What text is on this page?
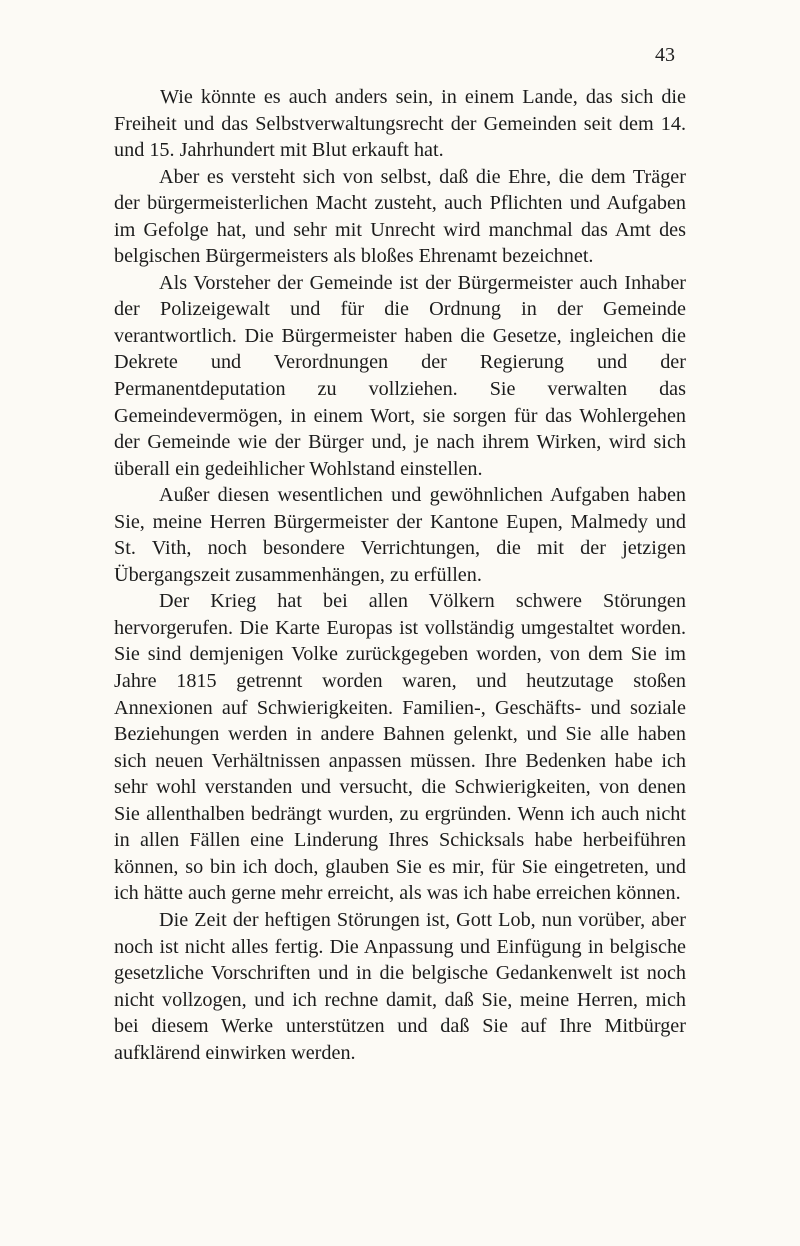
43

Wie könnte es auch anders sein, in einem Lande, das sich die Freiheit und das Selbstverwaltungsrecht der Gemeinden seit dem 14. und 15. Jahrhundert mit Blut erkauft hat.

Aber es versteht sich von selbst, daß die Ehre, die dem Träger der bürgermeisterlichen Macht zusteht, auch Pflichten und Aufgaben im Gefolge hat, und sehr mit Unrecht wird manchmal das Amt des belgischen Bürgermeisters als bloßes Ehrenamt bezeichnet.

Als Vorsteher der Gemeinde ist der Bürgermeister auch Inhaber der Polizeigewalt und für die Ordnung in der Gemeinde verantwortlich. Die Bürgermeister haben die Gesetze, ingleichen die Dekrete und Verordnungen der Regierung und der Permanentdeputation zu vollziehen. Sie verwalten das Gemeindevermögen, in einem Wort, sie sorgen für das Wohlergehen der Gemeinde wie der Bürger und, je nach ihrem Wirken, wird sich überall ein gedeihlicher Wohlstand einstellen.

Außer diesen wesentlichen und gewöhnlichen Aufgaben haben Sie, meine Herren Bürgermeister der Kantone Eupen, Malmedy und St. Vith, noch besondere Verrichtungen, die mit der jetzigen Übergangszeit zusammenhängen, zu erfüllen.

Der Krieg hat bei allen Völkern schwere Störungen hervorgerufen. Die Karte Europas ist vollständig umgestaltet worden. Sie sind demjenigen Volke zurückgegeben worden, von dem Sie im Jahre 1815 getrennt worden waren, und heutzutage stoßen Annexionen auf Schwierigkeiten. Familien-, Geschäfts- und soziale Beziehungen werden in andere Bahnen gelenkt, und Sie alle haben sich neuen Verhältnissen anpassen müssen. Ihre Bedenken habe ich sehr wohl verstanden und versucht, die Schwierigkeiten, von denen Sie allenthalben bedrängt wurden, zu ergründen. Wenn ich auch nicht in allen Fällen eine Linderung Ihres Schicksals habe herbeiführen können, so bin ich doch, glauben Sie es mir, für Sie eingetreten, und ich hätte auch gerne mehr erreicht, als was ich habe erreichen können.

Die Zeit der heftigen Störungen ist, Gott Lob, nun vorüber, aber noch ist nicht alles fertig. Die Anpassung und Einfügung in belgische gesetzliche Vorschriften und in die belgische Gedankenwelt ist noch nicht vollzogen, und ich rechne damit, daß Sie, meine Herren, mich bei diesem Werke unterstützen und daß Sie auf Ihre Mitbürger aufklärend einwirken werden.
